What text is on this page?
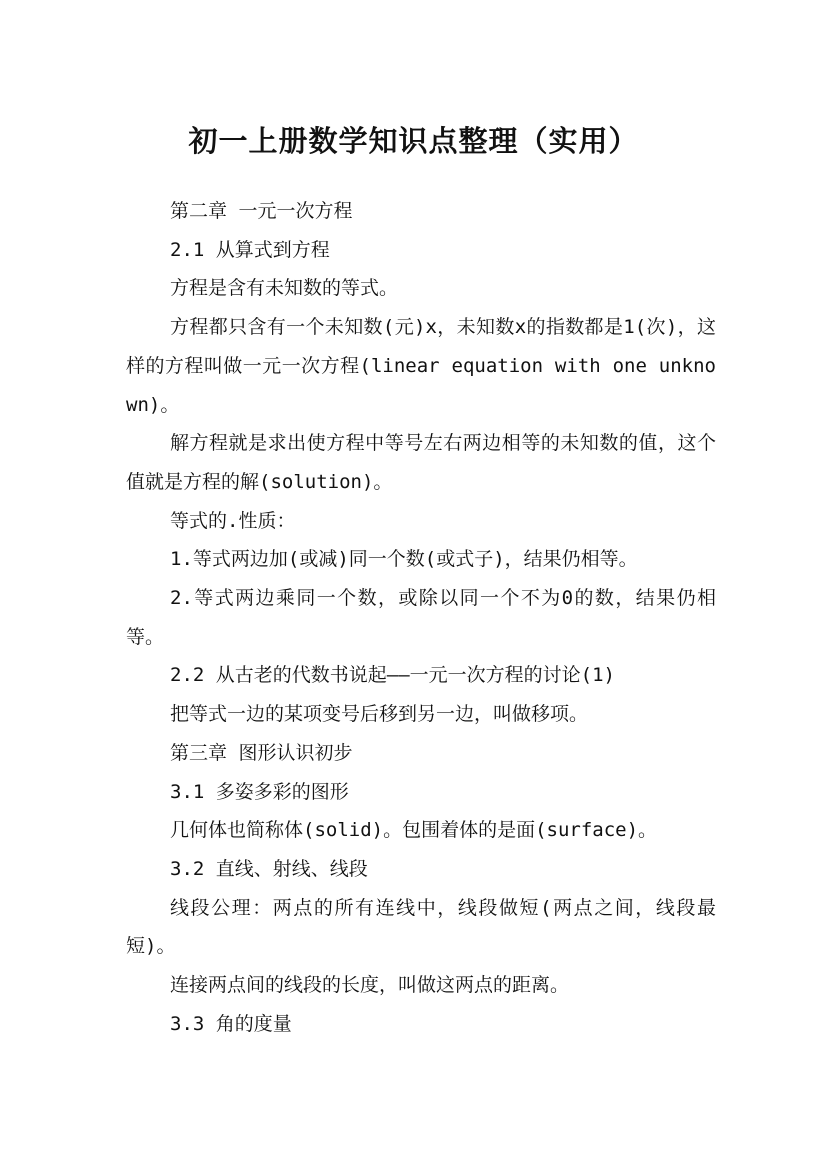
初一上册数学知识点整理（实用）

第二章 一元一次方程

2.1 从算式到方程

方程是含有未知数的等式。

方程都只含有一个未知数(元)x，未知数x的指数都是1(次)，这样的方程叫做一元一次方程(linear equation with one unknown)。

解方程就是求出使方程中等号左右两边相等的未知数的值，这个值就是方程的解(solution)。

等式的.性质：

1.等式两边加(或减)同一个数(或式子)，结果仍相等。

2.等式两边乘同一个数，或除以同一个不为0的数，结果仍相等。

2.2 从古老的代数书说起——一元一次方程的讨论(1)

把等式一边的某项变号后移到另一边，叫做移项。

第三章 图形认识初步

3.1 多姿多彩的图形

几何体也简称体(solid)。包围着体的是面(surface)。

3.2 直线、射线、线段

线段公理：两点的所有连线中，线段做短(两点之间，线段最短)。

连接两点间的线段的长度，叫做这两点的距离。

3.3 角的度量
